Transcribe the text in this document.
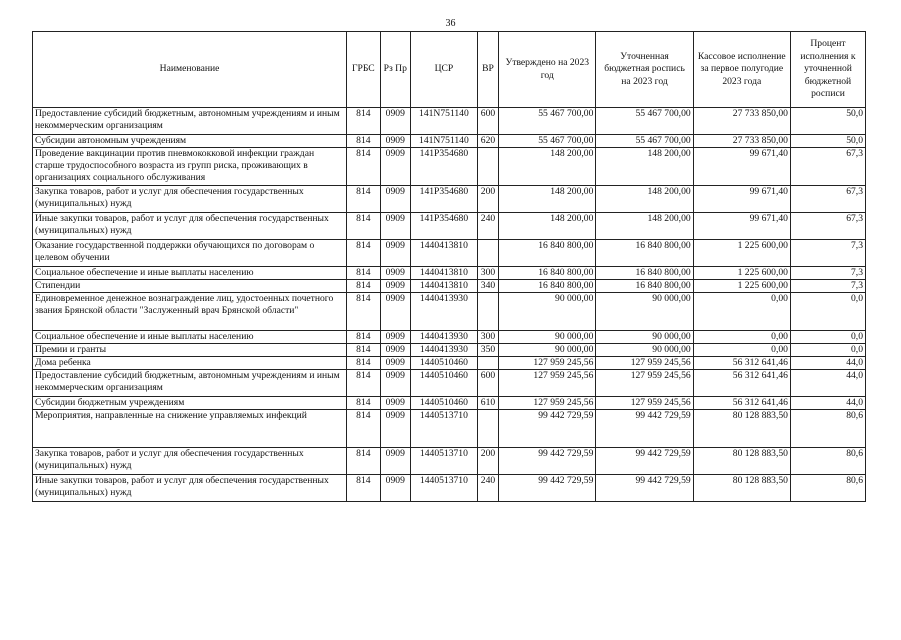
36
Наименование	ГРБС	Рз Пр	ЦСР	ВР	Утверждено на 2023 год	Уточненная бюджетная роспись на 2023 год	Кассовое исполнение за первое полугодие 2023 года	Процент исполнения к уточненной бюджетной росписи
Предоставление субсидий бюджетным, автономным учреждениям и иным некоммерческим организациям	814	0909	141N751140	600	55 467 700,00	55 467 700,00	27 733 850,00	50,0
Субсидии автономным учреждениям	814	0909	141N751140	620	55 467 700,00	55 467 700,00	27 733 850,00	50,0
Проведение вакцинации против пневмококковой инфекции граждан старше трудоспособного возраста из групп риска, проживающих в организациях социального обслуживания	814	0909	141P354680		148 200,00	148 200,00	99 671,40	67,3
Закупка товаров, работ и услуг для обеспечения государственных (муниципальных) нужд	814	0909	141P354680	200	148 200,00	148 200,00	99 671,40	67,3
Иные закупки товаров, работ и услуг для обеспечения государственных (муниципальных) нужд	814	0909	141P354680	240	148 200,00	148 200,00	99 671,40	67,3
Оказание государственной поддержки обучающихся по договорам о целевом обучении	814	0909	1440413810		16 840 800,00	16 840 800,00	1 225 600,00	7,3
Социальное обеспечение и иные выплаты населению	814	0909	1440413810	300	16 840 800,00	16 840 800,00	1 225 600,00	7,3
Стипендии	814	0909	1440413810	340	16 840 800,00	16 840 800,00	1 225 600,00	7,3
Единовременное денежное вознаграждение лиц, удостоенных почетного звания Брянской области "Заслуженный врач Брянской области"	814	0909	1440413930		90 000,00	90 000,00	0,00	0,0
Социальное обеспечение и иные выплаты населению	814	0909	1440413930	300	90 000,00	90 000,00	0,00	0,0
Премии и гранты	814	0909	1440413930	350	90 000,00	90 000,00	0,00	0,0
Дома ребенка	814	0909	1440510460		127 959 245,56	127 959 245,56	56 312 641,46	44,0
Предоставление субсидий бюджетным, автономным учреждениям и иным некоммерческим организациям	814	0909	1440510460	600	127 959 245,56	127 959 245,56	56 312 641,46	44,0
Субсидии бюджетным учреждениям	814	0909	1440510460	610	127 959 245,56	127 959 245,56	56 312 641,46	44,0
Мероприятия, направленные на снижение управляемых инфекций	814	0909	1440513710		99 442 729,59	99 442 729,59	80 128 883,50	80,6
Закупка товаров, работ и услуг для обеспечения государственных (муниципальных) нужд	814	0909	1440513710	200	99 442 729,59	99 442 729,59	80 128 883,50	80,6
Иные закупки товаров, работ и услуг для обеспечения государственных (муниципальных) нужд	814	0909	1440513710	240	99 442 729,59	99 442 729,59	80 128 883,50	80,6
